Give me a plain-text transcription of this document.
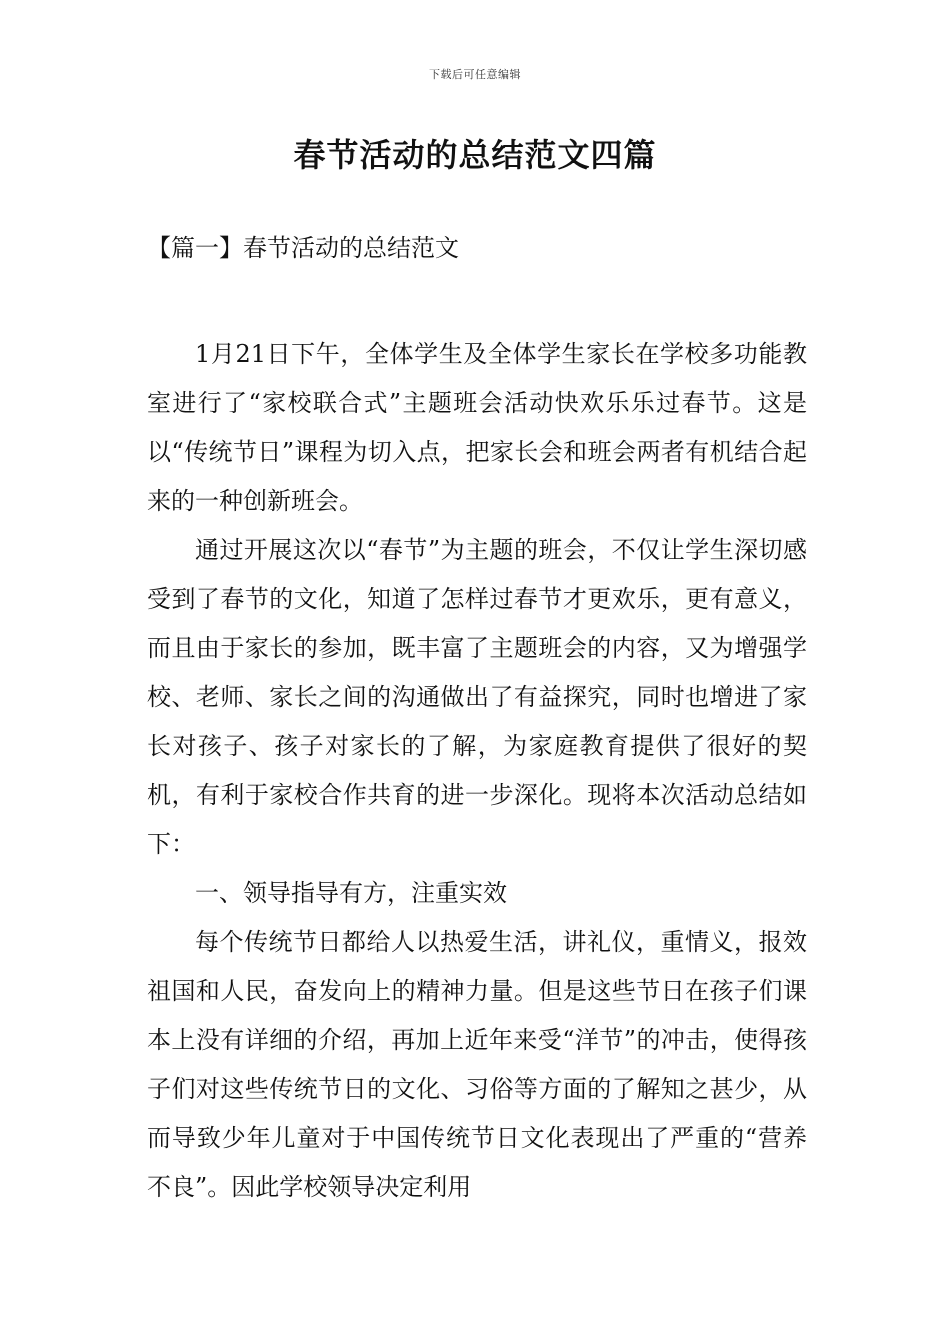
下载后可任意编辑
春节活动的总结范文四篇
【篇一】春节活动的总结范文

1月21日下午，全体学生及全体学生家长在学校多功能教室进行了“家校联合式”主题班会活动快欢乐乐过春节。这是以“传统节日”课程为切入点，把家长会和班会两者有机结合起来的一种创新班会。

通过开展这次以“春节”为主题的班会，不仅让学生深切感受到了春节的文化，知道了怎样过春节才更欢乐，更有意义，而且由于家长的参加，既丰富了主题班会的内容，又为增强学校、老师、家长之间的沟通做出了有益探究，同时也增进了家长对孩子、孩子对家长的了解，为家庭教育提供了很好的契机，有利于家校合作共育的进一步深化。现将本次活动总结如下：

一、领导指导有方，注重实效

每个传统节日都给人以热爱生活，讲礼仪，重情义，报效祖国和人民，奋发向上的精神力量。但是这些节日在孩子们课本上没有详细的介绍，再加上近年来受“洋节”的冲击，使得孩子们对这些传统节日的文化、习俗等方面的了解知之甚少，从而导致少年儿童对于中国传统节日文化表现出了严重的“营养不良”。因此学校领导决定利用
